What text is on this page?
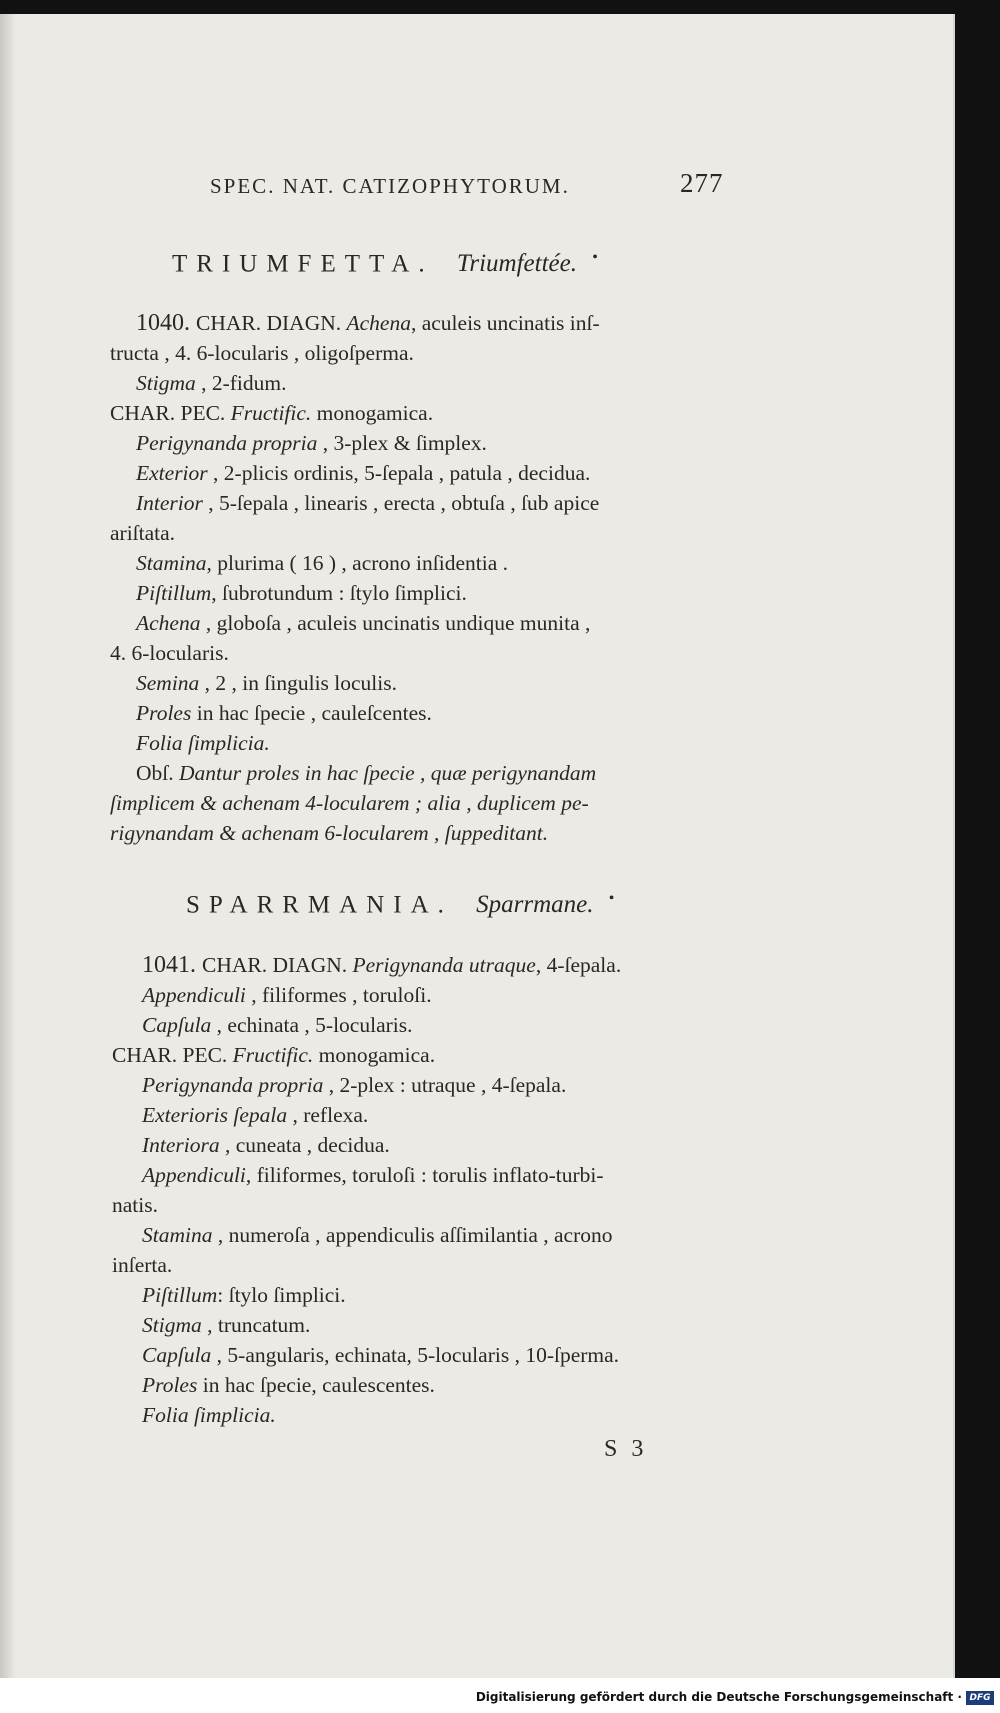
SPEC. NAT. CATIZOPHYTORUM.	277
TRIUMFETTA. Triumfettée. •
1040. CHAR. DIAGN. Achena, aculeis uncinatis inſ-
tructa , 4. 6-locularis , oligoſperma.
Stigma , 2-fidum.
CHAR. PEC. Fructific. monogamica.
Perigynanda propria , 3-plex & ſimplex.
Exterior , 2-plicis ordinis, 5-ſepala , patula , decidua.
Interior , 5-ſepala , linearis , erecta , obtuſa , ſub apice
ariſtata.
Stamina, plurima ( 16 ) , acrono inſidentia .
Piſtillum, ſubrotundum : ſtylo ſimplici.
Achena , globoſa , aculeis uncinatis undique munita ,
4. 6-locularis.
Semina , 2 , in ſingulis loculis.
Proles in hac ſpecie , cauleſcentes.
Folia ſimplicia.
Obſ. Dantur proles in hac ſpecie , quæ perigynandam
ſimplicem & achenam 4-locularem ; alia , duplicem pe-
rigynandam & achenam 6-locularem , ſuppeditant.
SPARRMANIA. Sparrmane. •
1041. CHAR. DIAGN. Perigynanda utraque, 4-ſepala.
Appendiculi , filiformes , toruloſi.
Capſula , echinata , 5-locularis.
CHAR. PEC. Fructific. monogamica.
Perigynanda propria , 2-plex : utraque , 4-ſepala.
Exterioris ſepala , reflexa.
Interiora , cuneata , decidua.
Appendiculi, filiformes, toruloſi : torulis inflato-turbi-
natis.
Stamina , numeroſa , appendiculis aſſimilantia , acrono
inſerta.
Piſtillum: ſtylo ſimplici.
Stigma , truncatum.
Capſula , 5-angularis, echinata, 5-locularis , 10-ſperma.
Proles in hac ſpecie, caulescentes.
Folia ſimplicia.
S 3
Digitalisierung gefördert durch die Deutsche Forschungsgemeinschaft · DFG
